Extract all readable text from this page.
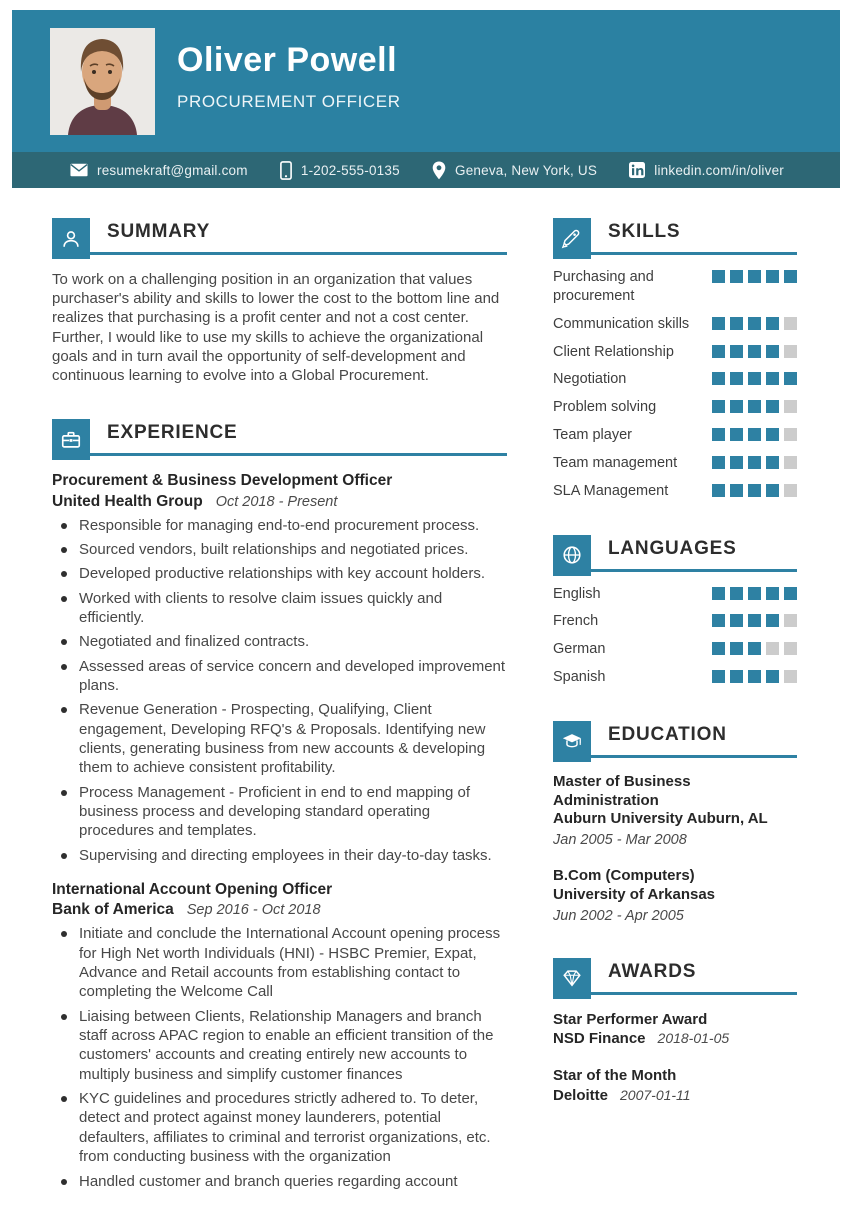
Oliver Powell
PROCUREMENT OFFICER
resumekraft@gmail.com	1-202-555-0135	Geneva, New York, US	linkedin.com/in/oliver
SUMMARY

To work on a challenging position in an organization that values purchaser's ability and skills to lower the cost to the bottom line and realizes that purchasing is a profit center and not a cost center. Further, I would like to use my skills to achieve the organizational goals and in turn avail the opportunity of self-development and continuous learning to evolve into a Global Procurement.

EXPERIENCE
Procurement & Business Development Officer
United Health Group Oct 2018 - Present
Responsible for managing end-to-end procurement process.
Sourced vendors, built relationships and negotiated prices.
Developed productive relationships with key account holders.
Worked with clients to resolve claim issues quickly and efficiently.
Negotiated and finalized contracts.
Assessed areas of service concern and developed improvement plans.
Revenue Generation - Prospecting, Qualifying, Client engagement, Developing RFQ's & Proposals. Identifying new clients, generating business from new accounts & developing them to achieve consistent profitability.
Process Management - Proficient in end to end mapping of business process and developing standard operating procedures and templates.
Supervising and directing employees in their day-to-day tasks.
International Account Opening Officer
Bank of America Sep 2016 - Oct 2018
Initiate and conclude the International Account opening process for High Net worth Individuals (HNI) - HSBC Premier, Expat, Advance and Retail accounts from establishing contact to completing the Welcome Call
Liaising between Clients, Relationship Managers and branch staff across APAC region to enable an efficient transition of the customers' accounts and creating entirely new accounts to multiply business and simplify customer finances
KYC guidelines and procedures strictly adhered to. To deter, detect and protect against money launderers, potential defaulters, affiliates to criminal and terrorist organizations, etc. from conducting business with the organization
Handled customer and branch queries regarding account
SKILLS
Purchasing and procurement
Communication skills
Client Relationship
Negotiation
Problem solving
Team player
Team management
SLA Management
LANGUAGES
English
French
German
Spanish
EDUCATION
Master of Business Administration
Auburn University Auburn, AL
Jan 2005 - Mar 2008
B.Com (Computers)
University of Arkansas
Jun 2002 - Apr 2005
AWARDS
Star Performer Award
NSD Finance 2018-01-05
Star of the Month
Deloitte 2007-01-11
